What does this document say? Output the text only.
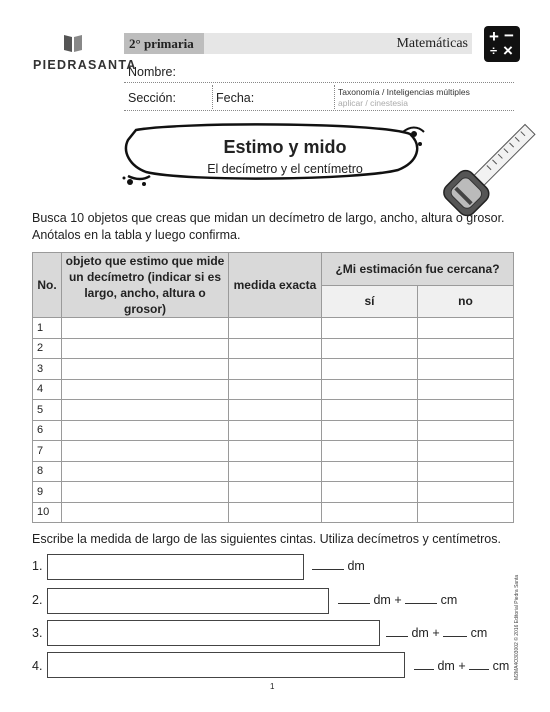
PIEDRASANTA
2° primaria	Matemáticas + −
×
÷
Nombre:
Sección:	Fecha:	Taxonomía / Inteligencias múltiples
aplicar / cinestesia
Estimo y mido
El decímetro y el centímetro
Busca 10 objetos que creas que midan un decímetro de largo, ancho, altura o grosor.
Anótalos en la tabla y luego confirma.
No.	objeto que estimo que mide
un decímetro (indicar si es
largo, ancho, altura o grosor)	medida exacta	¿Mi estimación fue cercana?	
			sí	no
1				
2				
3				
4				
5				
6				
7				
8				
9				
10				
Escribe la medida de largo de las siguientes cintas. Utiliza decímetros y centímetros.
1.	dm
2.	dm +	cm
3.	dm + cm
4.	dm + cm M2MA4O303002 © 2016 Editorial Piedra Santa
1
